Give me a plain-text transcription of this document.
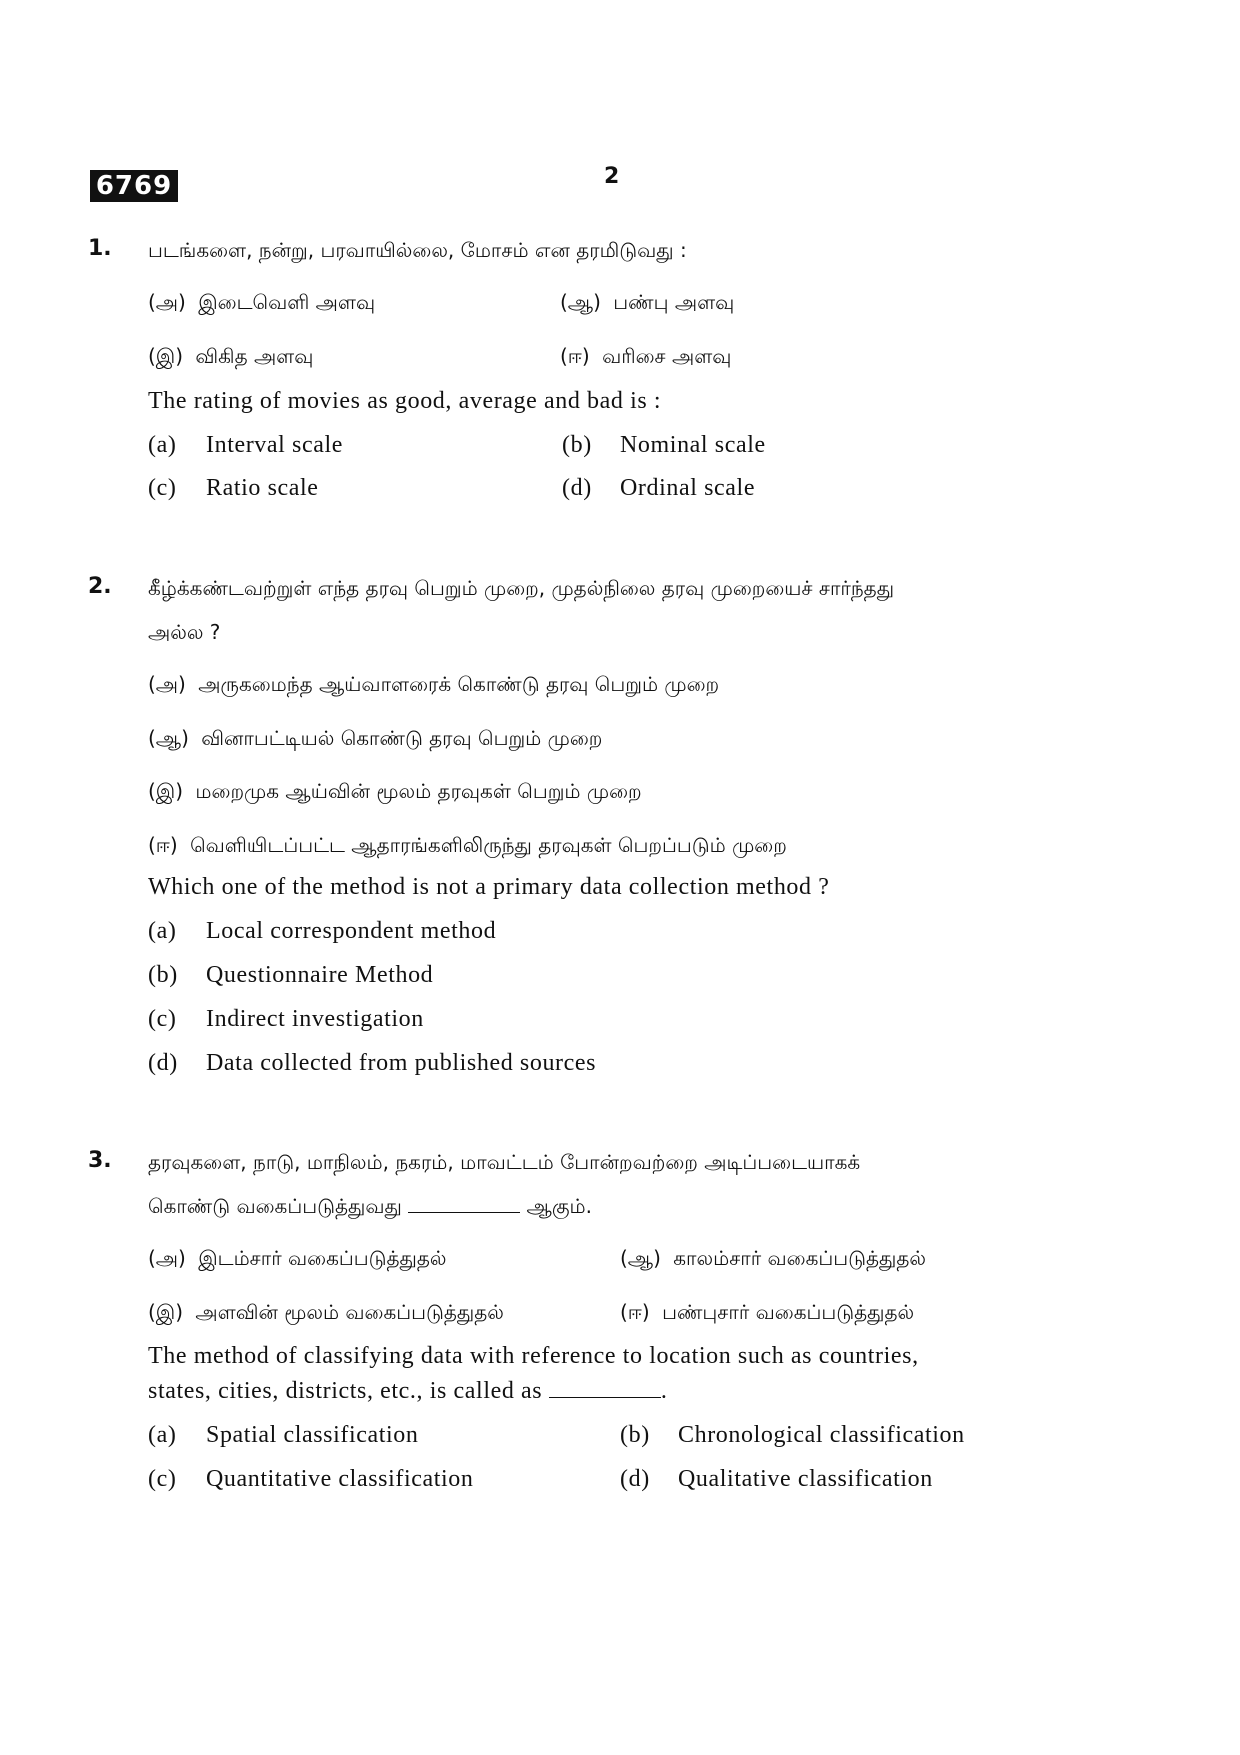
6769	2
1. படங்களை, நன்று, பரவாயில்லை, மோசம் என தரமிடுவது :
(அ) இடைவெளி அளவு	(ஆ) பண்பு அளவு
(இ) விகித அளவு	(ஈ) வரிசை அளவு
The rating of movies as good, average and bad is :
(a) Interval scale	(b) Nominal scale
(c) Ratio scale	(d) Ordinal scale
2. கீழ்க்கண்டவற்றுள் எந்த தரவு பெறும் முறை, முதல்நிலை தரவு முறையைச் சார்ந்தது
அல்ல ?
(அ) அருகமைந்த ஆய்வாளரைக் கொண்டு தரவு பெறும் முறை
(ஆ) வினாபட்டியல் கொண்டு தரவு பெறும் முறை
(இ) மறைமுக ஆய்வின் மூலம் தரவுகள் பெறும் முறை
(ஈ) வெளியிடப்பட்ட ஆதாரங்களிலிருந்து தரவுகள் பெறப்படும் முறை
Which one of the method is not a primary data collection method ?
(a) Local correspondent method
(b) Questionnaire Method
(c) Indirect investigation
(d) Data collected from published sources
3. தரவுகளை, நாடு, மாநிலம், நகரம், மாவட்டம் போன்றவற்றை அடிப்படையாகக்
கொண்டு வகைப்படுத்துவது	ஆகும்.
(அ) இடம்சார் வகைப்படுத்துதல்	(ஆ) காலம்சார் வகைப்படுத்துதல்
(இ) அளவின் மூலம் வகைப்படுத்துதல்	(ஈ) பண்புசார் வகைப்படுத்துதல்
The method of classifying data with reference to location such as countries,
states, cities, districts, etc., is called as	.
(a) Spatial classification	(b) Chronological classification
(c) Quantitative classification	(d) Qualitative classification
